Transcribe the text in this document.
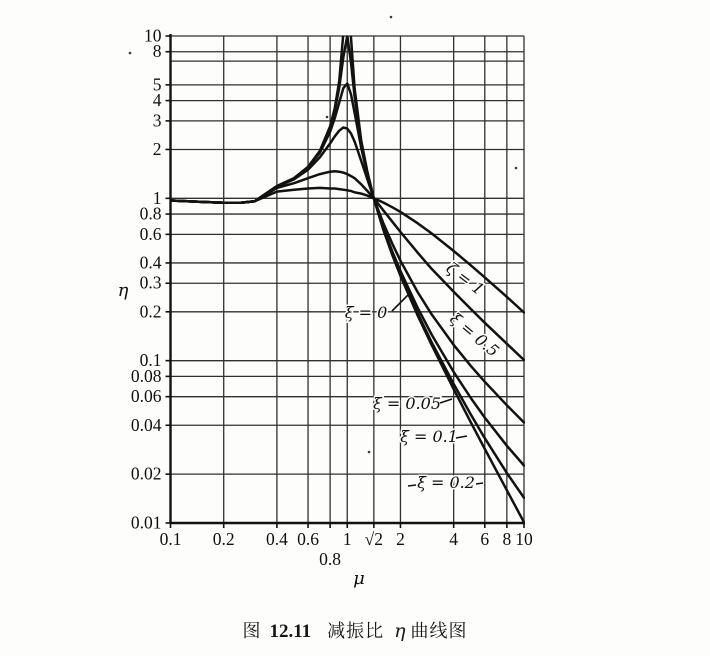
10
8
5
4
3
2
1
0.8
0.6
0.4
0.3
0.2
0.1
0.08
0.06
0.04
0.02
0.01
0.1 0.2 0.4 0.6
0.8
1 √2 2	4 6 8 10
η
μ
ξ = 0
ζ = 1
ξ = 0.5
ξ = 0.05
ξ = 0.1
ξ = 0.2
图 12.11 减振比 η 曲线图
